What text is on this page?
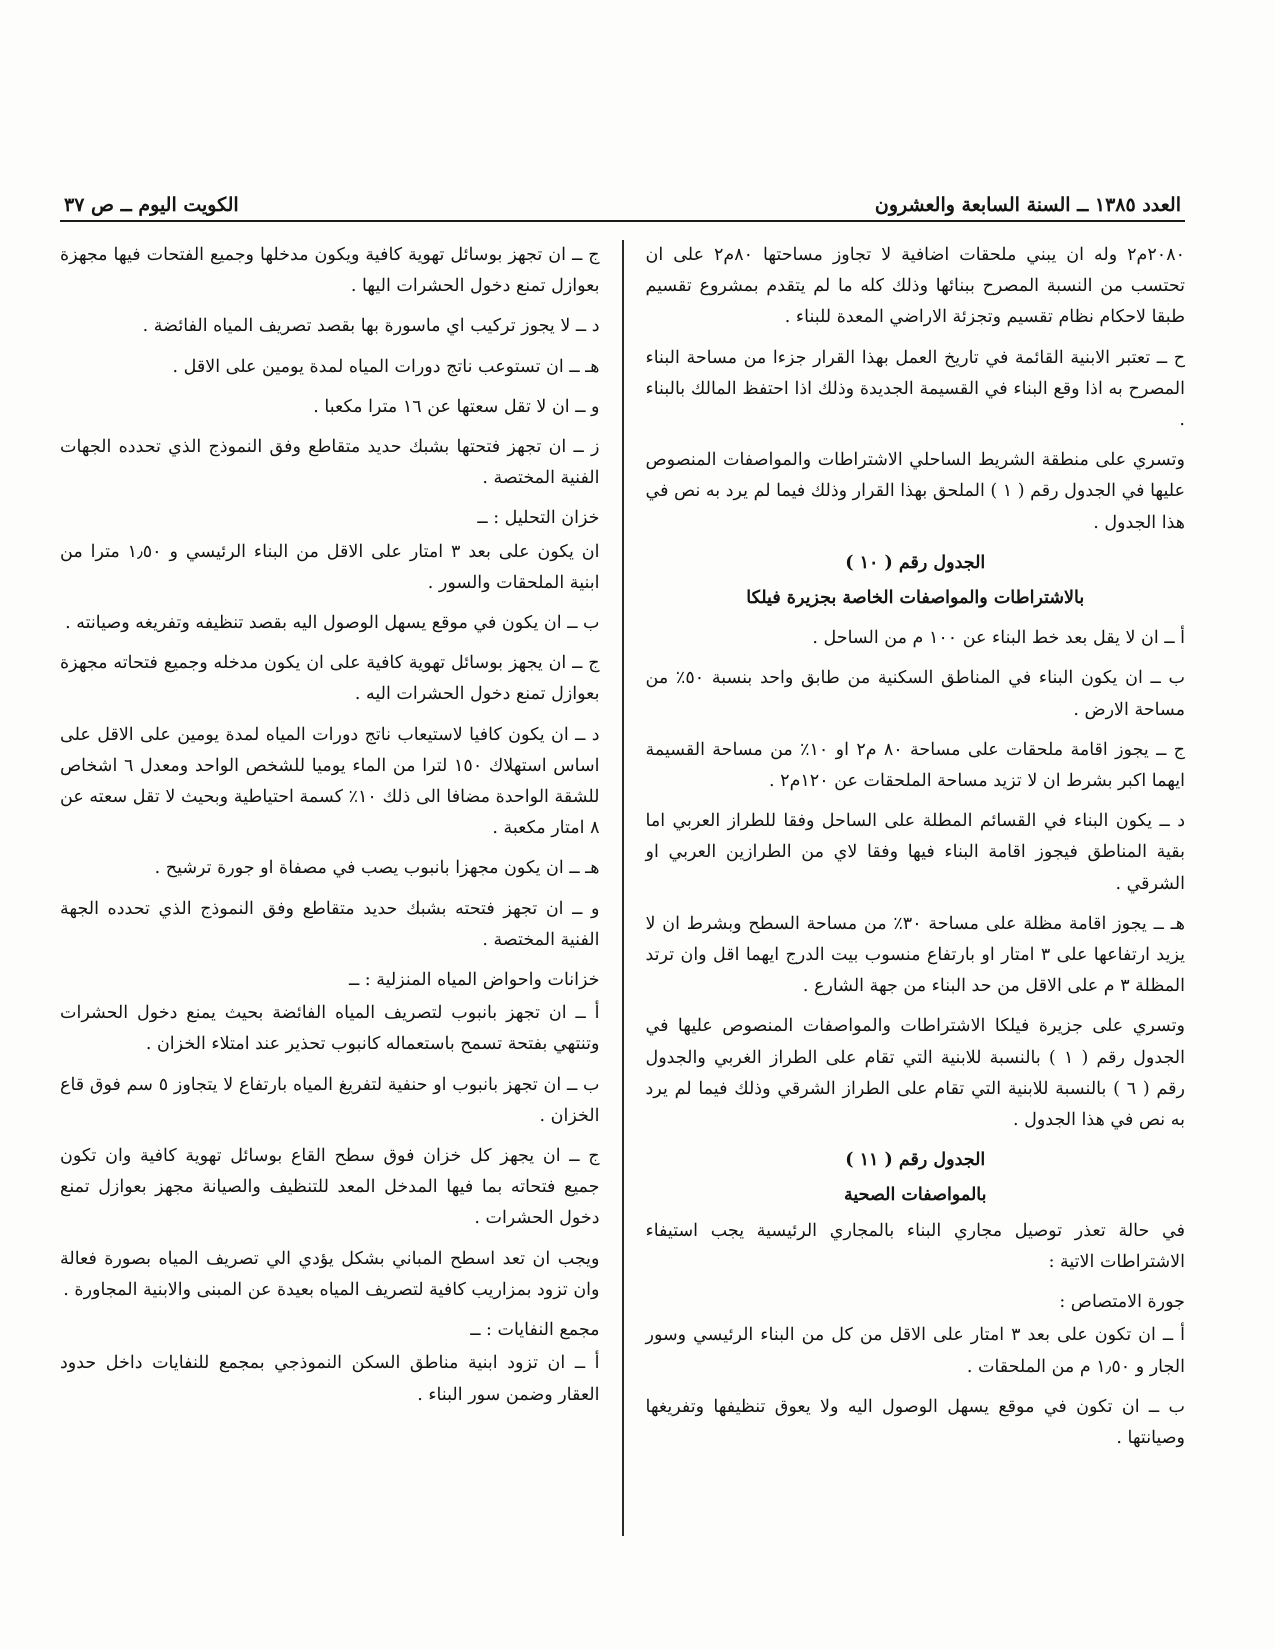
العدد ١٣٨٥ ــ السنة السابعة والعشرون
الكويت اليوم ــ ص ٣٧

٢٠٨٠م٢ وله ان يبني ملحقات اضافية لا تجاوز مساحتها ٨٠م٢ على ان تحتسب من النسبة المصرح ببنائها وذلك كله ما لم يتقدم بمشروع تقسيم طبقا لاحكام نظام تقسيم وتجزئة الاراضي المعدة للبناء .

ح ــ تعتبر الابنية القائمة في تاريخ العمل بهذا القرار جزءا من مساحة البناء المصرح به اذا وقع البناء في القسيمة الجديدة وذلك اذا احتفظ المالك بالبناء .

وتسري على منطقة الشريط الساحلي الاشتراطات والمواصفات المنصوص عليها في الجدول رقم ( ١ ) الملحق بهذا القرار وذلك فيما لم يرد به نص في هذا الجدول .

الجدول رقم ( ١٠ )
بالاشتراطات والمواصفات الخاصة بجزيرة فيلكا

أ ــ ان لا يقل بعد خط البناء عن ١٠٠ م من الساحل .

ب ــ ان يكون البناء في المناطق السكنية من طابق واحد بنسبة ٥٠٪ من مساحة الارض .

ج ــ يجوز اقامة ملحقات على مساحة ٨٠ م٢ او ١٠٪ من مساحة القسيمة ايهما اكبر بشرط ان لا تزيد مساحة الملحقات عن ١٢٠م٢ .

د ــ يكون البناء في القسائم المطلة على الساحل وفقا للطراز العربي اما بقية المناطق فيجوز اقامة البناء فيها وفقا لاي من الطرازين العربي او الشرقي .

هـ ــ يجوز اقامة مظلة على مساحة ٣٠٪ من مساحة السطح وبشرط ان لا يزيد ارتفاعها على ٣ امتار او بارتفاع منسوب بيت الدرج ايهما اقل وان ترتد المظلة ٣ م على الاقل من حد البناء من جهة الشارع .

وتسري على جزيرة فيلكا الاشتراطات والمواصفات المنصوص عليها في الجدول رقم ( ١ ) بالنسبة للابنية التي تقام على الطراز الغربي والجدول رقم ( ٦ ) بالنسبة للابنية التي تقام على الطراز الشرقي وذلك فيما لم يرد به نص في هذا الجدول .

الجدول رقم ( ١١ )
بالمواصفات الصحية

في حالة تعذر توصيل مجاري البناء بالمجاري الرئيسية يجب استيفاء الاشتراطات الاتية :

جورة الامتصاص :

أ ــ ان تكون على بعد ٣ امتار على الاقل من كل من البناء الرئيسي وسور الجار و ١٫٥٠ م من الملحقات .

ب ــ ان تكون في موقع يسهل الوصول اليه ولا يعوق تنظيفها وتفريغها وصيانتها .

ج ــ ان تجهز بوسائل تهوية كافية ويكون مدخلها وجميع الفتحات فيها مجهزة بعوازل تمنع دخول الحشرات اليها .

د ــ لا يجوز تركيب اي ماسورة بها بقصد تصريف المياه الفائضة .

هـ ــ ان تستوعب ناتج دورات المياه لمدة يومين على الاقل .

و ــ ان لا تقل سعتها عن ١٦ مترا مكعبا .

ز ــ ان تجهز فتحتها بشبك حديد متقاطع وفق النموذج الذي تحدده الجهات الفنية المختصة .

خزان التحليل : ــ

ان يكون على بعد ٣ امتار على الاقل من البناء الرئيسي و ١٫٥٠ مترا من ابنية الملحقات والسور .

ب ــ ان يكون في موقع يسهل الوصول اليه بقصد تنظيفه وتفريغه وصيانته .

ج ــ ان يجهز بوسائل تهوية كافية على ان يكون مدخله وجميع فتحاته مجهزة بعوازل تمنع دخول الحشرات اليه .

د ــ ان يكون كافيا لاستيعاب ناتج دورات المياه لمدة يومين على الاقل على اساس استهلاك ١٥٠ لترا من الماء يوميا للشخص الواحد ومعدل ٦ اشخاص للشقة الواحدة مضافا الى ذلك ١٠٪ كسمة احتياطية وبحيث لا تقل سعته عن ٨ امتار مكعبة .

هـ ــ ان يكون مجهزا بانبوب يصب في مصفاة او جورة ترشيح .

و ــ ان تجهز فتحته بشبك حديد متقاطع وفق النموذج الذي تحدده الجهة الفنية المختصة .

خزانات واحواض المياه المنزلية : ــ

أ ــ ان تجهز بانبوب لتصريف المياه الفائضة بحيث يمنع دخول الحشرات وتنتهي بفتحة تسمح باستعماله كانبوب تحذير عند امتلاء الخزان .

ب ــ ان تجهز بانبوب او حنفية لتفريغ المياه بارتفاع لا يتجاوز ٥ سم فوق قاع الخزان .

ج ــ ان يجهز كل خزان فوق سطح القاع بوسائل تهوية كافية وان تكون جميع فتحاته بما فيها المدخل المعد للتنظيف والصيانة مجهز بعوازل تمنع دخول الحشرات .

ويجب ان تعد اسطح المباني بشكل يؤدي الي تصريف المياه بصورة فعالة وان تزود بمزاريب كافية لتصريف المياه بعيدة عن المبنى والابنية المجاورة .

مجمع النفايات : ــ

أ ــ ان تزود ابنية مناطق السكن النموذجي بمجمع للنفايات داخل حدود العقار وضمن سور البناء .
